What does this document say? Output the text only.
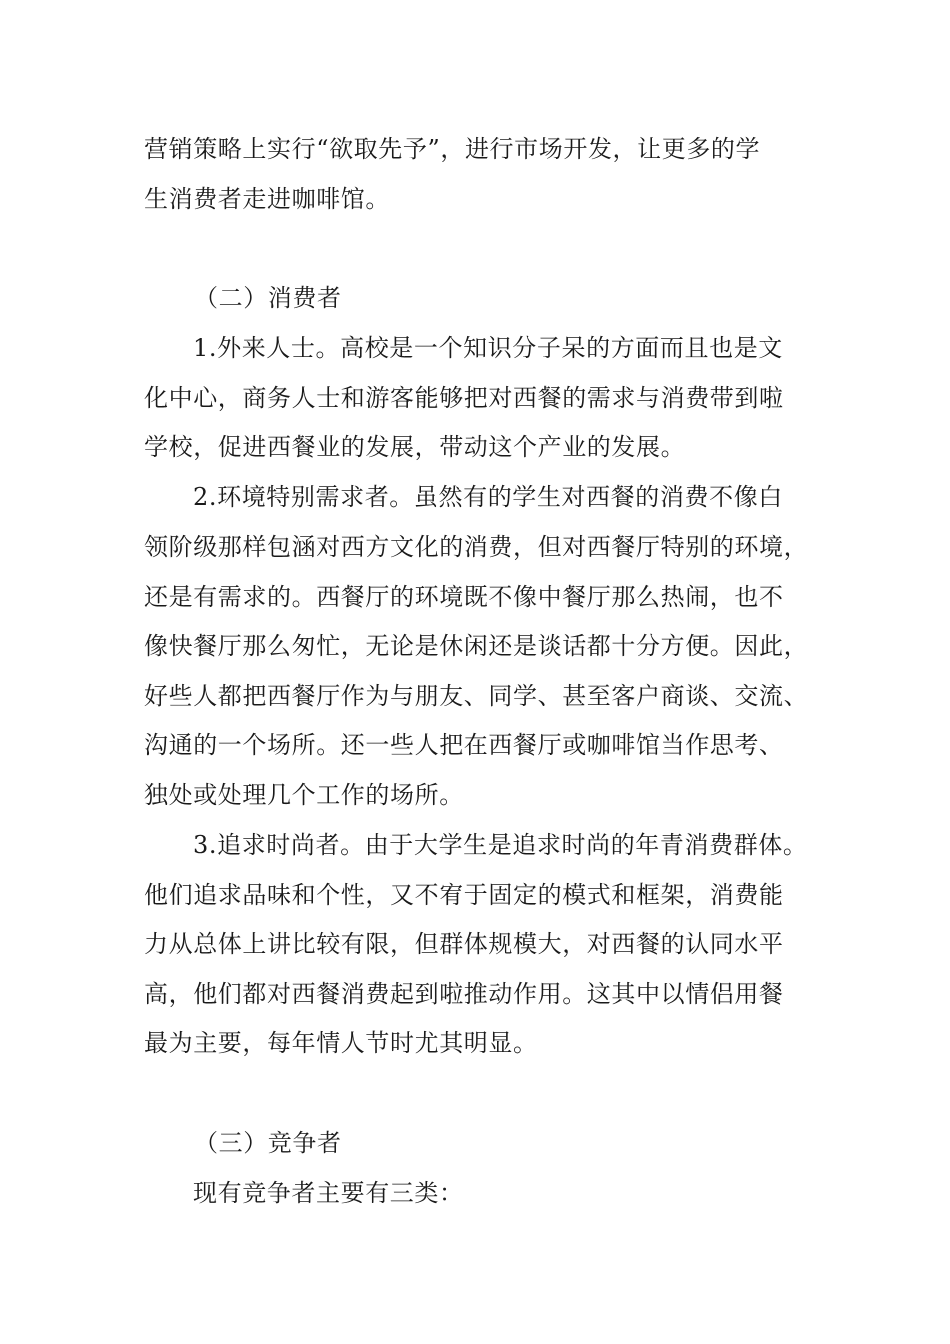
营销策略上实行“欲取先予”，进行市场开发，让更多的学
生消费者走进咖啡馆。
（二）消费者
1.外来人士。高校是一个知识分子呆的方面而且也是文
化中心，商务人士和游客能够把对西餐的需求与消费带到啦
学校，促进西餐业的发展，带动这个产业的发展。
2.环境特别需求者。虽然有的学生对西餐的消费不像白
领阶级那样包涵对西方文化的消费，但对西餐厅特别的环境，
还是有需求的。西餐厅的环境既不像中餐厅那么热闹，也不
像快餐厅那么匆忙，无论是休闲还是谈话都十分方便。因此，
好些人都把西餐厅作为与朋友、同学、甚至客户商谈、交流、
沟通的一个场所。还一些人把在西餐厅或咖啡馆当作思考、
独处或处理几个工作的场所。
3.追求时尚者。由于大学生是追求时尚的年青消费群体。
他们追求品味和个性，又不宥于固定的模式和框架，消费能
力从总体上讲比较有限，但群体规模大，对西餐的认同水平
高，他们都对西餐消费起到啦推动作用。这其中以情侣用餐
最为主要，每年情人节时尤其明显。
（三）竞争者
现有竞争者主要有三类：
